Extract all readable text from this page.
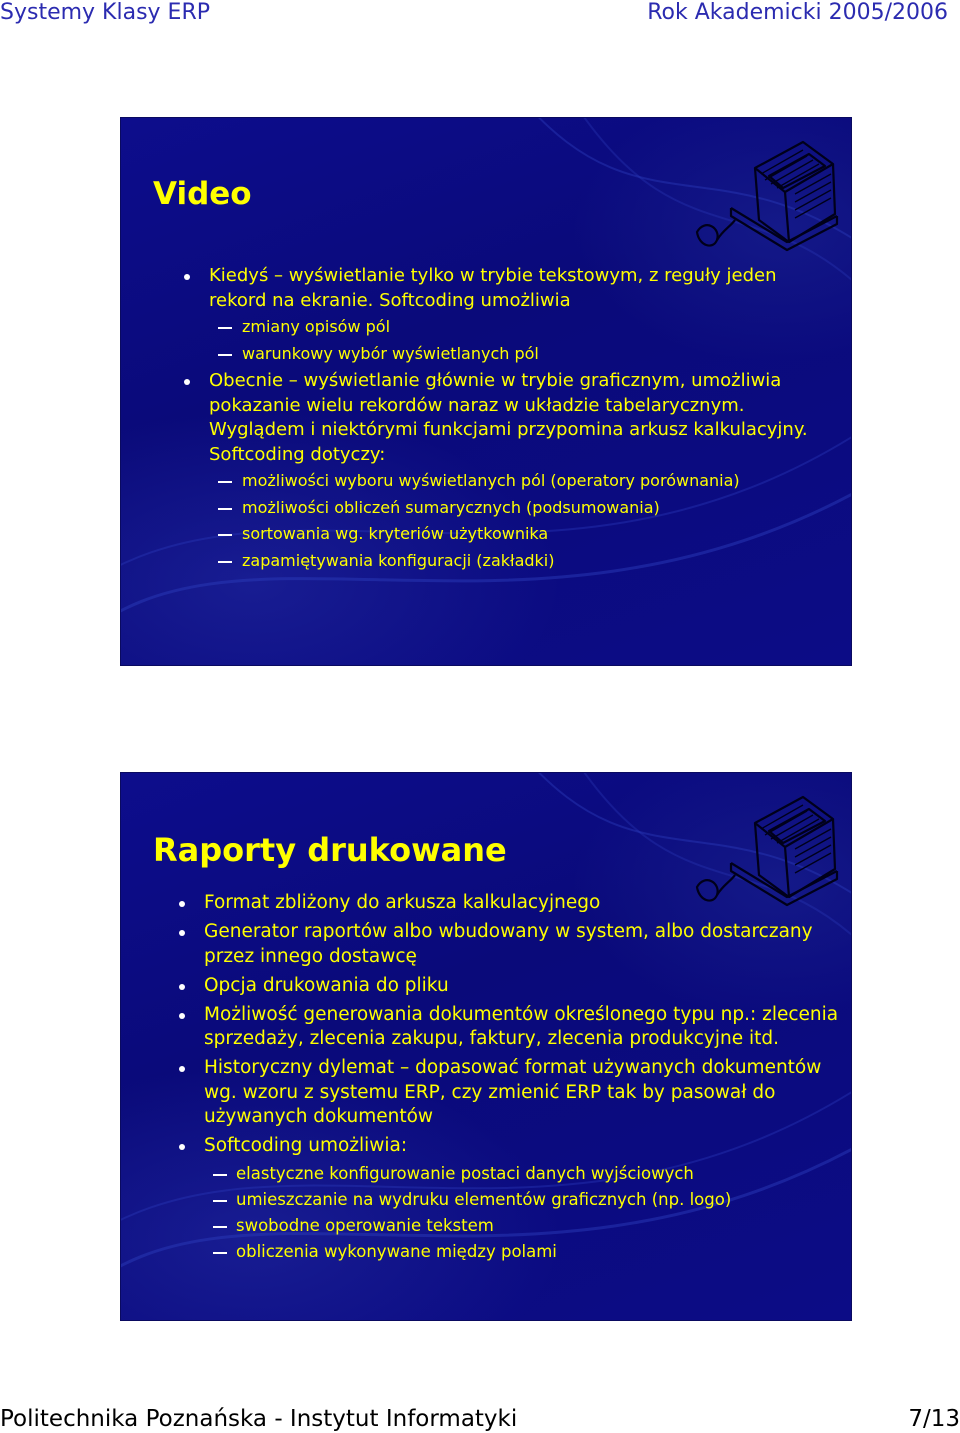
Systemy Klasy ERP	Rok Akademicki 2005/2006
Video
Kiedyś – wyświetlanie tylko w trybie tekstowym, z reguły jeden rekord na ekranie. Softcoding umożliwia
zmiany opisów pól
warunkowy wybór wyświetlanych pól
Obecnie – wyświetlanie głównie w trybie graficznym, umożliwia pokazanie wielu rekordów naraz w układzie tabelarycznym. Wyglądem i niektórymi funkcjami przypomina arkusz kalkulacyjny. Softcoding dotyczy:
możliwości wyboru wyświetlanych pól (operatory porównania)
możliwości obliczeń sumarycznych (podsumowania)
sortowania wg. kryteriów użytkownika
zapamiętywania konfiguracji (zakładki)
Raporty drukowane
Format zbliżony do arkusza kalkulacyjnego
Generator raportów albo wbudowany w system, albo dostarczany przez innego dostawcę
Opcja drukowania do pliku
Możliwość generowania dokumentów określonego typu np.: zlecenia sprzedaży, zlecenia zakupu, faktury, zlecenia produkcyjne itd.
Historyczny dylemat – dopasować format używanych dokumentów wg. wzoru z systemu ERP, czy zmienić ERP tak by pasował do używanych dokumentów
Softcoding umożliwia:
elastyczne konfigurowanie postaci danych wyjściowych
umieszczanie na wydruku elementów graficznych (np. logo)
swobodne operowanie tekstem
obliczenia wykonywane między polami
Politechnika Poznańska - Instytut Informatyki	7/13
